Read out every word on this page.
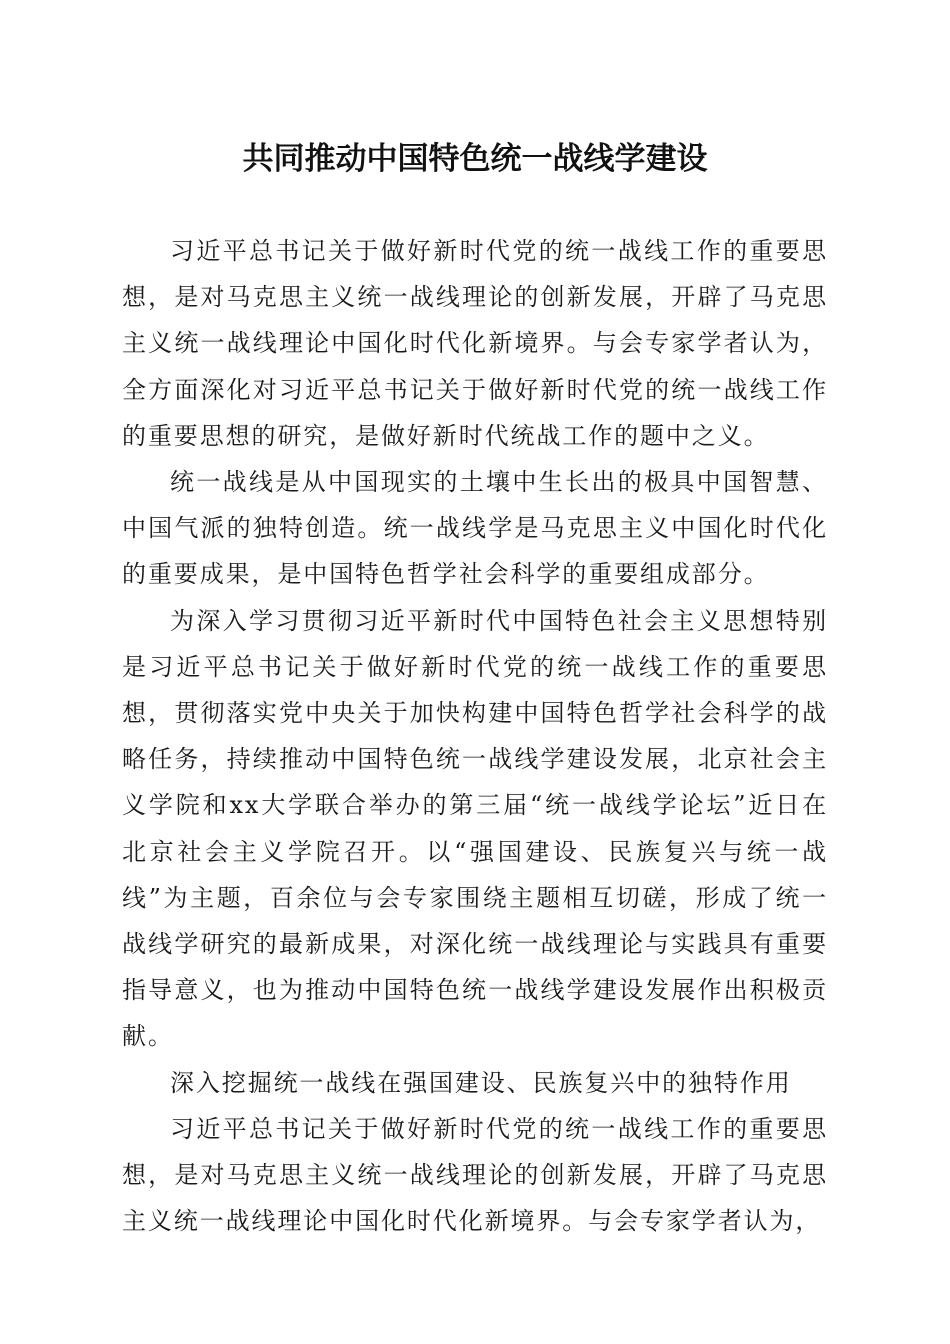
共同推动中国特色统一战线学建设

习近平总书记关于做好新时代党的统一战线工作的重要思想，是对马克思主义统一战线理论的创新发展，开辟了马克思主义统一战线理论中国化时代化新境界。与会专家学者认为，全方面深化对习近平总书记关于做好新时代党的统一战线工作的重要思想的研究，是做好新时代统战工作的题中之义。

统一战线是从中国现实的土壤中生长出的极具中国智慧、中国气派的独特创造。统一战线学是马克思主义中国化时代化的重要成果，是中国特色哲学社会科学的重要组成部分。

为深入学习贯彻习近平新时代中国特色社会主义思想特别是习近平总书记关于做好新时代党的统一战线工作的重要思想，贯彻落实党中央关于加快构建中国特色哲学社会科学的战略任务，持续推动中国特色统一战线学建设发展，北京社会主义学院和xx大学联合举办的第三届“统一战线学论坛”近日在北京社会主义学院召开。以“强国建设、民族复兴与统一战线”为主题，百余位与会专家围绕主题相互切磋，形成了统一战线学研究的最新成果，对深化统一战线理论与实践具有重要指导意义，也为推动中国特色统一战线学建设发展作出积极贡献。

深入挖掘统一战线在强国建设、民族复兴中的独特作用

习近平总书记关于做好新时代党的统一战线工作的重要思想，是对马克思主义统一战线理论的创新发展，开辟了马克思主义统一战线理论中国化时代化新境界。与会专家学者认为，
